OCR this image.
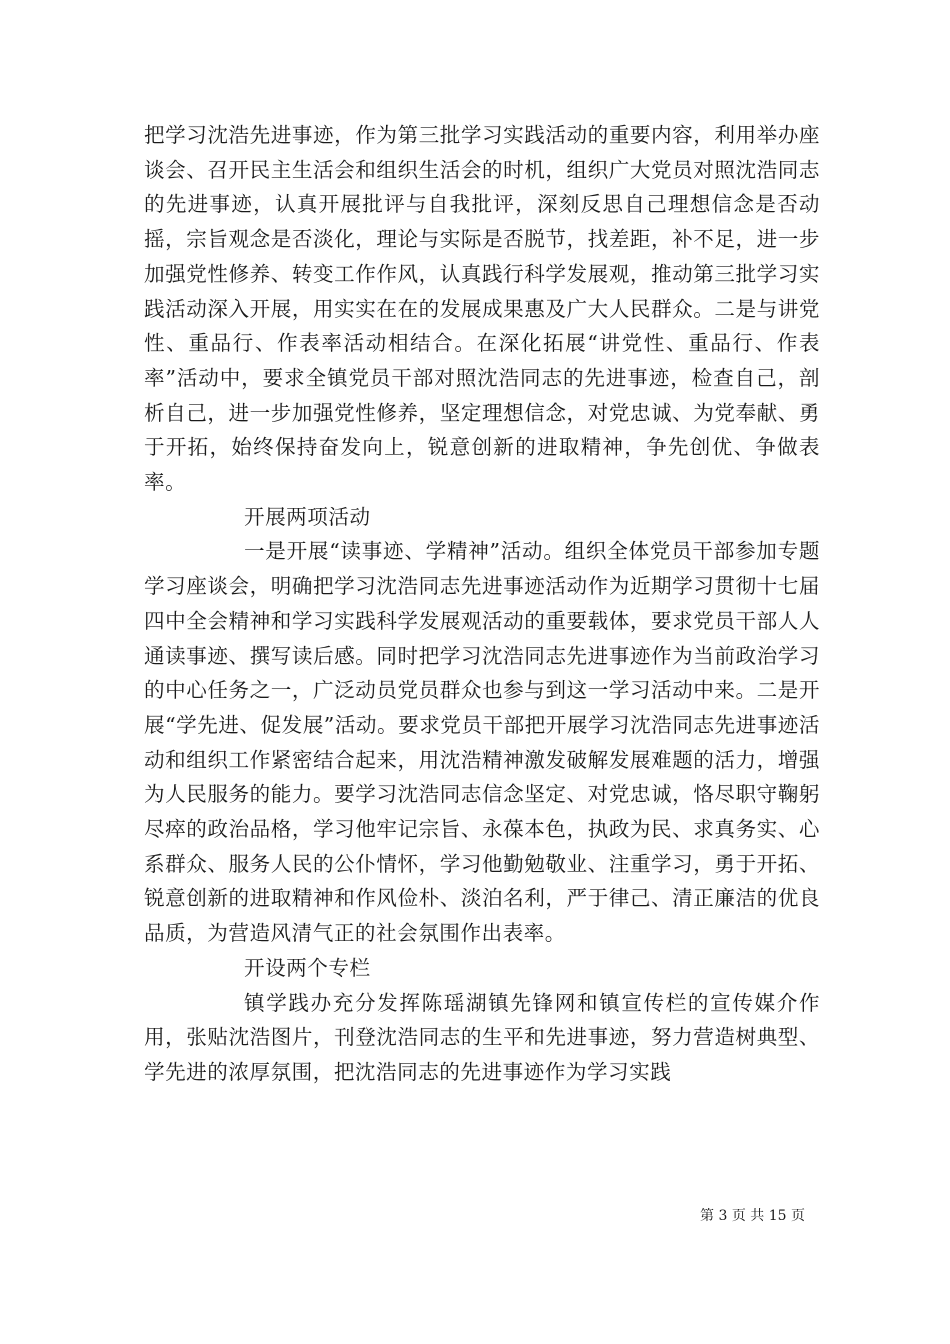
把学习沈浩先进事迹，作为第三批学习实践活动的重要内容，利用举办座谈会、召开民主生活会和组织生活会的时机，组织广大党员对照沈浩同志的先进事迹，认真开展批评与自我批评，深刻反思自己理想信念是否动摇，宗旨观念是否淡化，理论与实际是否脱节，找差距，补不足，进一步加强党性修养、转变工作作风，认真践行科学发展观，推动第三批学习实践活动深入开展，用实实在在的发展成果惠及广大人民群众。二是与讲党性、重品行、作表率活动相结合。在深化拓展“讲党性、重品行、作表率”活动中，要求全镇党员干部对照沈浩同志的先进事迹，检查自己，剖析自己，进一步加强党性修养，坚定理想信念，对党忠诚、为党奉献、勇于开拓，始终保持奋发向上，锐意创新的进取精神，争先创优、争做表率。

开展两项活动

一是开展“读事迹、学精神”活动。组织全体党员干部参加专题学习座谈会，明确把学习沈浩同志先进事迹活动作为近期学习贯彻十七届四中全会精神和学习实践科学发展观活动的重要载体，要求党员干部人人通读事迹、撰写读后感。同时把学习沈浩同志先进事迹作为当前政治学习的中心任务之一，广泛动员党员群众也参与到这一学习活动中来。二是开展“学先进、促发展”活动。要求党员干部把开展学习沈浩同志先进事迹活动和组织工作紧密结合起来，用沈浩精神激发破解发展难题的活力，增强为人民服务的能力。要学习沈浩同志信念坚定、对党忠诚，恪尽职守鞠躬尽瘁的政治品格，学习他牢记宗旨、永葆本色，执政为民、求真务实、心系群众、服务人民的公仆情怀，学习他勤勉敬业、注重学习，勇于开拓、锐意创新的进取精神和作风俭朴、淡泊名利，严于律己、清正廉洁的优良品质，为营造风清气正的社会氛围作出表率。

开设两个专栏

镇学践办充分发挥陈瑶湖镇先锋网和镇宣传栏的宣传媒介作用，张贴沈浩图片，刊登沈浩同志的生平和先进事迹，努力营造树典型、学先进的浓厚氛围，把沈浩同志的先进事迹作为学习实践

第 3 页 共 15 页
